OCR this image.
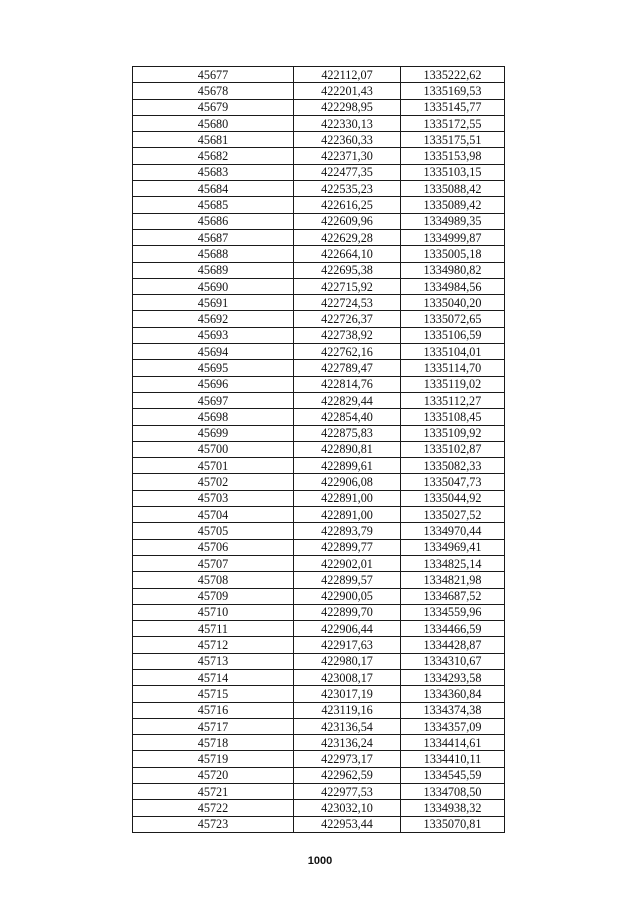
45677	422112,07	1335222,62
45678	422201,43	1335169,53
45679	422298,95	1335145,77
45680	422330,13	1335172,55
45681	422360,33	1335175,51
45682	422371,30	1335153,98
45683	422477,35	1335103,15
45684	422535,23	1335088,42
45685	422616,25	1335089,42
45686	422609,96	1334989,35
45687	422629,28	1334999,87
45688	422664,10	1335005,18
45689	422695,38	1334980,82
45690	422715,92	1334984,56
45691	422724,53	1335040,20
45692	422726,37	1335072,65
45693	422738,92	1335106,59
45694	422762,16	1335104,01
45695	422789,47	1335114,70
45696	422814,76	1335119,02
45697	422829,44	1335112,27
45698	422854,40	1335108,45
45699	422875,83	1335109,92
45700	422890,81	1335102,87
45701	422899,61	1335082,33
45702	422906,08	1335047,73
45703	422891,00	1335044,92
45704	422891,00	1335027,52
45705	422893,79	1334970,44
45706	422899,77	1334969,41
45707	422902,01	1334825,14
45708	422899,57	1334821,98
45709	422900,05	1334687,52
45710	422899,70	1334559,96
45711	422906,44	1334466,59
45712	422917,63	1334428,87
45713	422980,17	1334310,67
45714	423008,17	1334293,58
45715	423017,19	1334360,84
45716	423119,16	1334374,38
45717	423136,54	1334357,09
45718	423136,24	1334414,61
45719	422973,17	1334410,11
45720	422962,59	1334545,59
45721	422977,53	1334708,50
45722	423032,10	1334938,32
45723	422953,44	1335070,81
1000
